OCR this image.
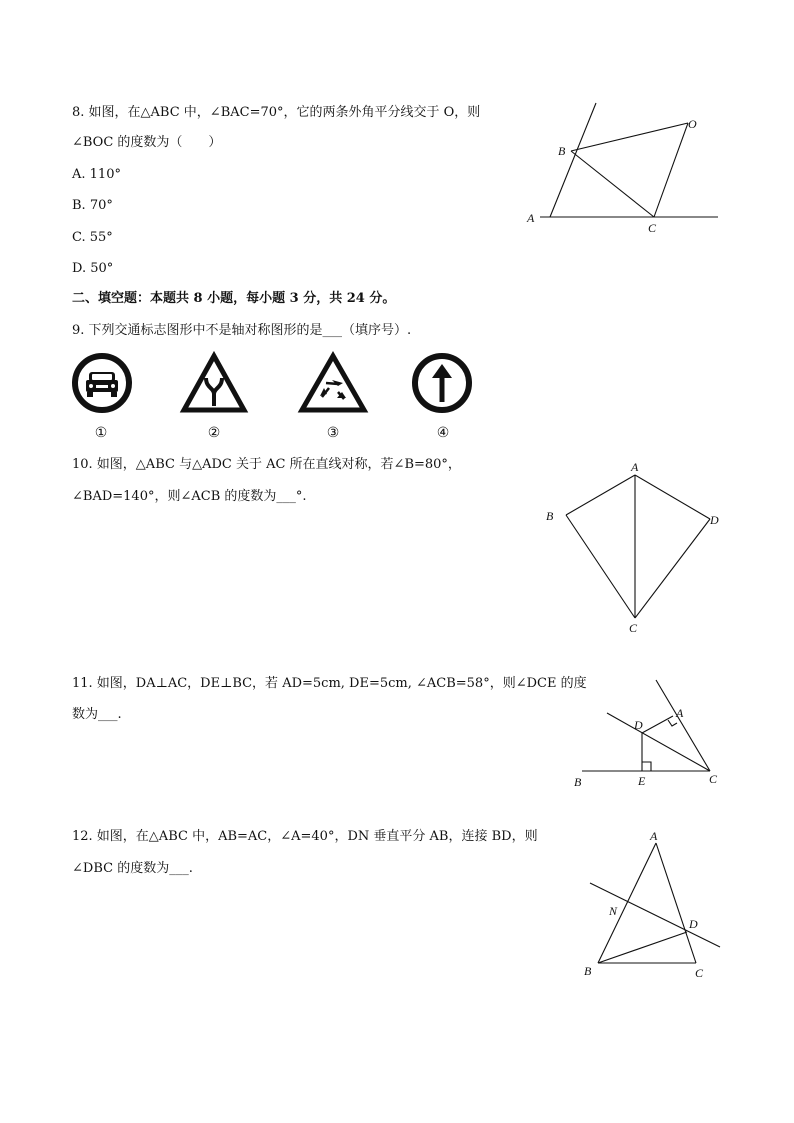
8. 如图，在△ABC 中，∠BAC=70°，它的两条外角平分线交于 O，则
∠BOC 的度数为（　　）
A. 110°
B. 70°
C. 55°
D. 50°
A
B
C
O
二、填空题：本题共 8 小题，每小题 3 分，共 24 分。
9. 下列交通标志图形中不是轴对称图形的是___（填序号）.
①	②	③	④
10. 如图，△ABC 与△ADC 关于 AC 所在直线对称，若∠B=80°，
∠BAD=140°，则∠ACB 的度数为___°.
A
B
C
D
11. 如图，DA⊥AC，DE⊥BC，若 AD=5cm, DE=5cm, ∠ACB=58°，则∠DCE 的度
数为___.	A
B	C
D
E
12. 如图，在△ABC 中，AB=AC，∠A=40°，DN 垂直平分 AB，连接 BD，则
∠DBC 的度数为___.
A
B	C
D
N
